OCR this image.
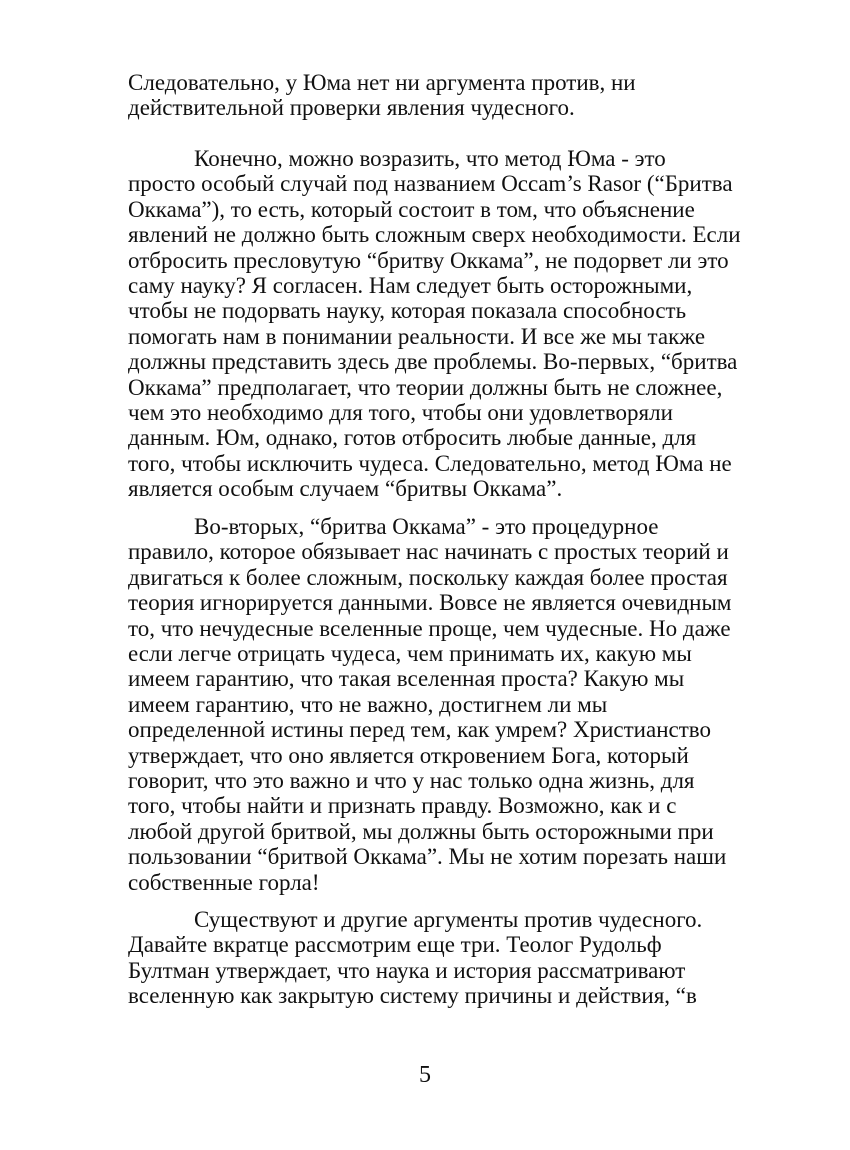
Следовательно, у Юма нет ни аргумента против, ни
действительной проверки явления чудесного.
Конечно, можно возразить, что метод Юма - это
просто особый случай под названием Occam’s Rasor (“Бритва
Оккама”), то есть, который состоит в том, что объяснение
явлений не должно быть сложным сверх необходимости. Если
отбросить пресловутую “бритву Оккама”, не подорвет ли это
саму науку? Я согласен. Нам следует быть осторожными,
чтобы не подорвать науку, которая показала способность
помогать нам в понимании реальности. И все же мы также
должны представить здесь две проблемы. Во-первых, “бритва
Оккама” предполагает, что теории должны быть не сложнее,
чем это необходимо для того, чтобы они удовлетворяли
данным. Юм, однако, готов отбросить любые данные, для
того, чтобы исключить чудеса. Следовательно, метод Юма не
является особым случаем “бритвы Оккама”.
Во-вторых, “бритва Оккама” - это процедурное
правило, которое обязывает нас начинать с простых теорий и
двигаться к более сложным, поскольку каждая более простая
теория игнорируется данными. Вовсе не является очевидным
то, что нечудесные вселенные проще, чем чудесные. Но даже
если легче отрицать чудеса, чем принимать их, какую мы
имеем гарантию, что такая вселенная проста? Какую мы
имеем гарантию, что не важно, достигнем ли мы
определенной истины перед тем, как умрем? Христианство
утверждает, что оно является откровением Бога, который
говорит, что это важно и что у нас только одна жизнь, для
того, чтобы найти и признать правду. Возможно, как и с
любой другой бритвой, мы должны быть осторожными при
пользовании “бритвой Оккама”. Мы не хотим порезать наши
собственные горла!
Существуют и другие аргументы против чудесного.
Давайте вкратце рассмотрим еще три. Теолог Рудольф
Бултман утверждает, что наука и история рассматривают
вселенную как закрытую систему причины и действия, “в
5
